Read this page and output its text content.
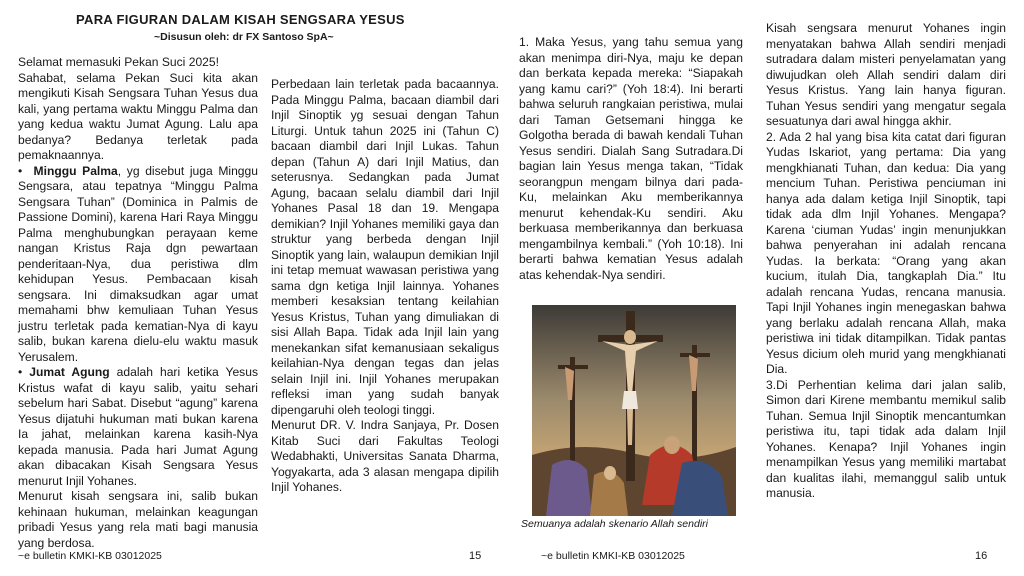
PARA FIGURAN DALAM KISAH SENGSARA YESUS
~Disusun oleh: dr FX Santoso SpA~

Selamat memasuki Pekan Suci 2025!

Sahabat, selama Pekan Suci kita akan mengikuti Kisah Sengsara Tuhan Yesus dua kali, yang pertama waktu Minggu Palma dan yang kedua waktu Jumat Agung. Lalu apa bedanya? Bedanya terletak pada pemaknaannya.

• Minggu Palma, yg disebut juga Minggu Sengsara, atau tepatnya “Minggu Palma Sengsara Tuhan” (Dominica in Palmis de Passione Domini), karena Hari Raya Minggu Palma menghubungkan perayaan keme nangan Kristus Raja dgn pewartaan penderitaan-Nya, dua peristiwa dlm kehidupan Yesus. Pembacaan kisah sengsara. Ini dimaksudkan agar umat memahami bhw kemuliaan Tuhan Yesus justru terletak pada kematian-Nya di kayu salib, bukan karena dielu-elu waktu masuk Yerusalem.

• Jumat Agung adalah hari ketika Yesus Kristus wafat di kayu salib, yaitu sehari sebelum hari Sabat. Disebut “agung” karena Yesus dijatuhi hukuman mati bukan karena Ia jahat, melainkan karena kasih-Nya kepada manusia. Pada hari Jumat Agung akan dibacakan Kisah Sengsara Yesus menurut Injil Yohanes.

Menurut kisah sengsara ini, salib bukan kehinaan hukuman, melainkan keagungan pribadi Yesus yang rela mati bagi manusia yang berdosa.

Perbedaan lain terletak pada bacaannya. Pada Minggu Palma, bacaan diambil dari Injil Sinoptik yg sesuai dengan Tahun Liturgi. Untuk tahun 2025 ini (Tahun C) bacaan diambil dari Injil Lukas. Tahun depan (Tahun A) dari Injil Matius, dan seterusnya. Sedangkan pada Jumat Agung, bacaan selalu diambil dari Injil Yohanes Pasal 18 dan 19. Mengapa demikian? Injil Yohanes memiliki gaya dan struktur yang berbeda dengan Injil Sinoptik yang lain, walaupun demikian Injil ini tetap memuat wawasan peristiwa yang sama dgn ketiga Injil lainnya. Yohanes memberi kesaksian tentang keilahian Yesus Kristus, Tuhan yang dimuliakan di sisi Allah Bapa. Tidak ada Injil lain yang menekankan sifat kemanusiaan sekaligus keilahian-Nya dengan tegas dan jelas selain Injil ini. Injil Yohanes merupakan refleksi iman yang sudah banyak dipengaruhi oleh teologi tinggi.

Menurut DR. V. Indra Sanjaya, Pr. Dosen Kitab Suci dari Fakultas Teologi Wedabhakti, Universitas Sanata Dharma, Yogyakarta, ada 3 alasan mengapa dipilih Injil Yohanes.

~e bulletin KMKI-KB 03012025	15

1. Maka Yesus, yang tahu semua yang akan menimpa diri-Nya, maju ke depan dan berkata kepada mereka: “Siapakah yang kamu cari?” (Yoh 18:4). Ini berarti bahwa seluruh rangkaian peristiwa, mulai dari Taman Getsemani hingga ke Golgotha berada di bawah kendali Tuhan Yesus sendiri. Dialah Sang Sutradara.Di bagian lain Yesus menga takan, “Tidak seorangpun mengam bilnya dari pada-Ku, melainkan Aku memberikannya menurut kehendak-Ku sendiri. Aku berkuasa memberikannya dan berkuasa mengambilnya kembali.” (Yoh 10:18). Ini berarti bahwa kematian Yesus adalah atas kehendak-Nya sendiri.

Semuanya adalah skenario Allah sendiri

Kisah sengsara menurut Yohanes ingin menyatakan bahwa Allah sendiri menjadi sutradara dalam misteri penyelamatan yang diwujudkan oleh Allah sendiri dalam diri Yesus Kristus. Yang lain hanya figuran. Tuhan Yesus sendiri yang mengatur segala sesuatunya dari awal hingga akhir.

2. Ada 2 hal yang bisa kita catat dari figuran Yudas Iskariot, yang pertama: Dia yang mengkhianati Tuhan, dan kedua: Dia yang mencium Tuhan. Peristiwa penciuman ini hanya ada dalam ketiga Injil Sinoptik, tapi tidak ada dlm Injil Yohanes. Mengapa? Karena ‘ciuman Yudas’ ingin menunjukkan bahwa penyerahan ini adalah rencana Yudas. Ia berkata: “Orang yang akan kucium, itulah Dia, tangkaplah Dia.” Itu adalah rencana Yudas, rencana manusia. Tapi Injil Yohanes ingin menegaskan bahwa yang berlaku adalah rencana Allah, maka peristiwa ini tidak ditampilkan. Tidak pantas Yesus dicium oleh murid yang mengkhianati Dia.

3.Di Perhentian kelima dari jalan salib, Simon dari Kirene membantu memikul salib Tuhan. Semua Injil Sinoptik mencantumkan peristiwa itu, tapi tidak ada dalam Injil Yohanes. Kenapa? Injil Yohanes ingin menampilkan Yesus yang memiliki martabat dan kualitas ilahi, memanggul salib untuk manusia.

~e bulletin KMKI-KB 03012025	16
